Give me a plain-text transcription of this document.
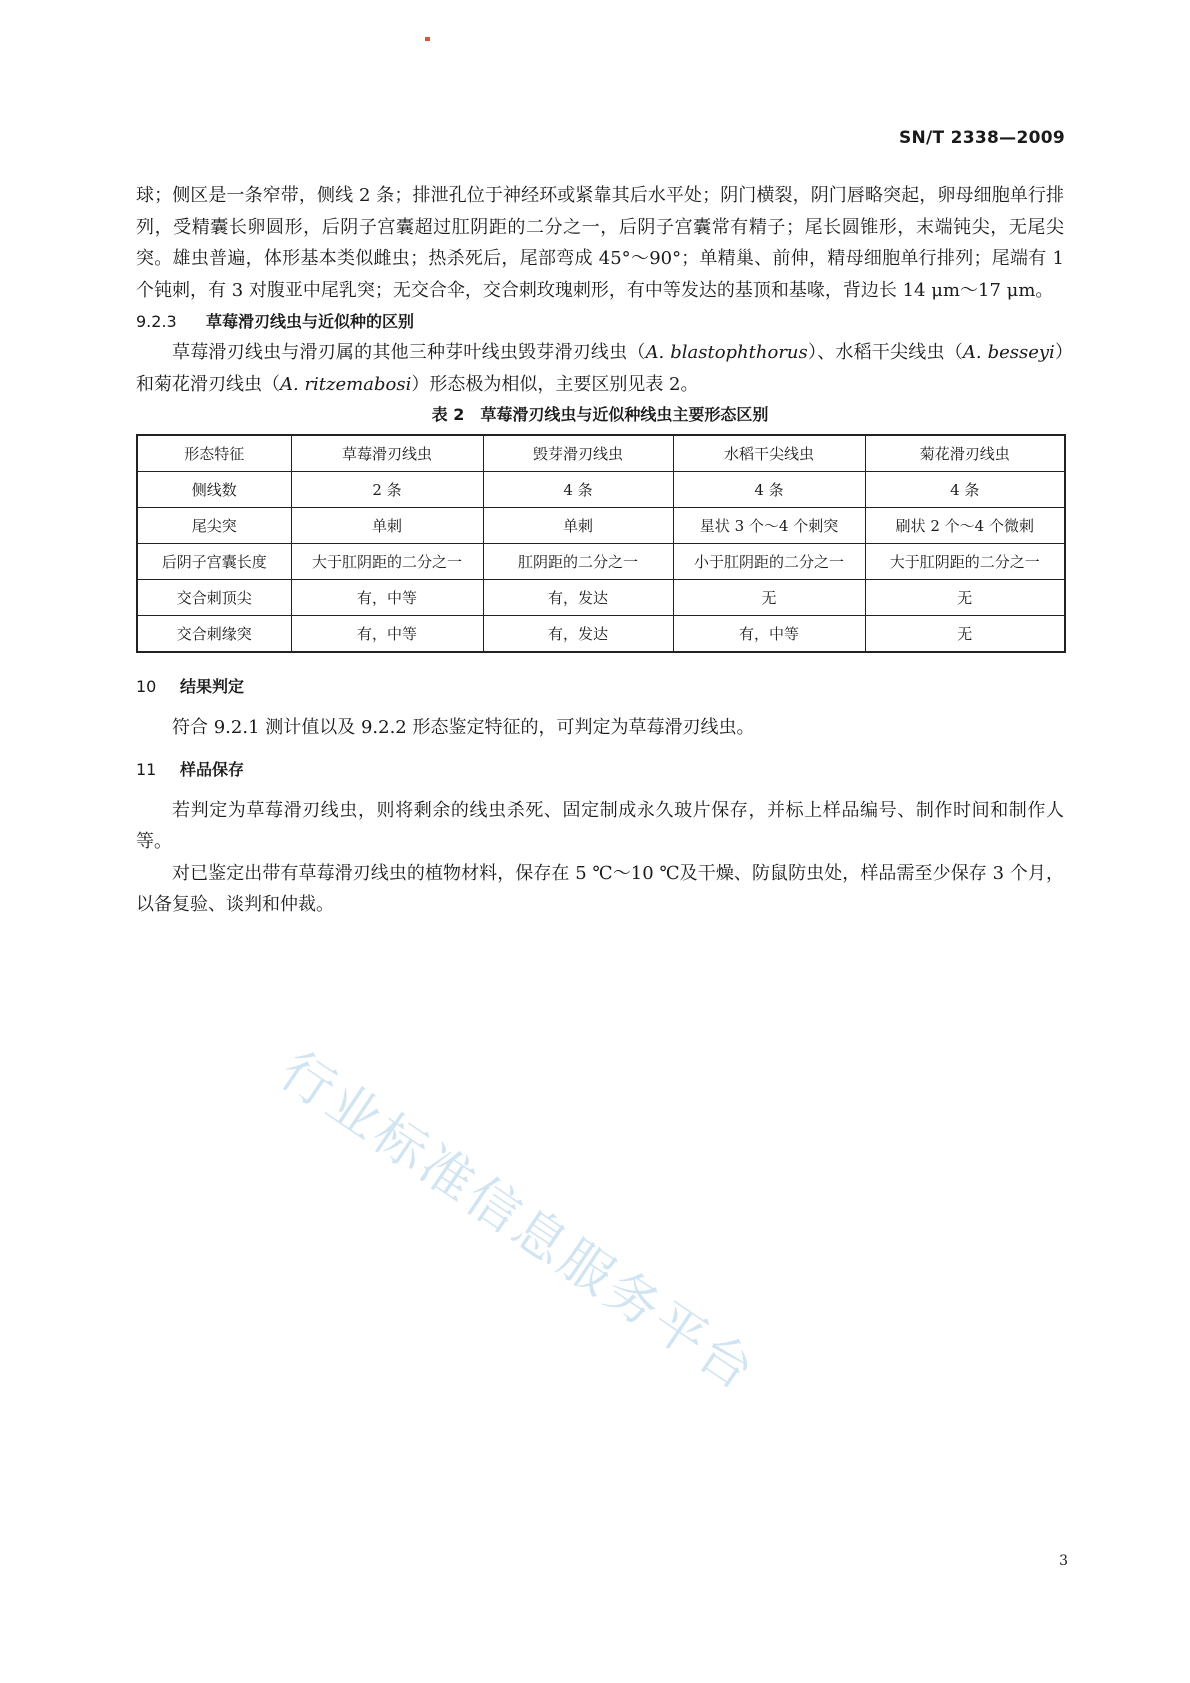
SN/T 2338—2009

球；侧区是一条窄带，侧线 2 条；排泄孔位于神经环或紧靠其后水平处；阴门横裂，阴门唇略突起，卵母细胞单行排列，受精囊长卵圆形，后阴子宫囊超过肛阴距的二分之一，后阴子宫囊常有精子；尾长圆锥形，末端钝尖，无尾尖突。雄虫普遍，体形基本类似雌虫；热杀死后，尾部弯成 45°～90°；单精巢、前伸，精母细胞单行排列；尾端有 1 个钝刺，有 3 对腹亚中尾乳突；无交合伞，交合刺玫瑰刺形，有中等发达的基顶和基喙，背边长 14 μm～17 μm。

9.2.3 草莓滑刃线虫与近似种的区别

草莓滑刃线虫与滑刃属的其他三种芽叶线虫毁芽滑刃线虫（A. blastophthorus）、水稻干尖线虫（A. besseyi）和菊花滑刃线虫（A. ritzemabosi）形态极为相似，主要区别见表 2。

表 2　草莓滑刃线虫与近似种线虫主要形态区别
形态特征	草莓滑刃线虫	毁芽滑刃线虫	水稻干尖线虫	菊花滑刃线虫
侧线数	2 条	4 条	4 条	4 条
尾尖突	单刺	单刺	星状 3 个～4 个刺突	刷状 2 个～4 个微刺
后阴子宫囊长度	大于肛阴距的二分之一	肛阴距的二分之一	小于肛阴距的二分之一	大于肛阴距的二分之一
交合刺顶尖	有，中等	有，发达	无	无
交合刺缘突	有，中等	有，发达	有，中等	无
10 结果判定

符合 9.2.1 测计值以及 9.2.2 形态鉴定特征的，可判定为草莓滑刃线虫。

11 样品保存

若判定为草莓滑刃线虫，则将剩余的线虫杀死、固定制成永久玻片保存，并标上样品编号、制作时间和制作人等。

对已鉴定出带有草莓滑刃线虫的植物材料，保存在 5 ℃～10 ℃及干燥、防鼠防虫处，样品需至少保存 3 个月，以备复验、谈判和仲裁。

行业标准信息服务平台
3
